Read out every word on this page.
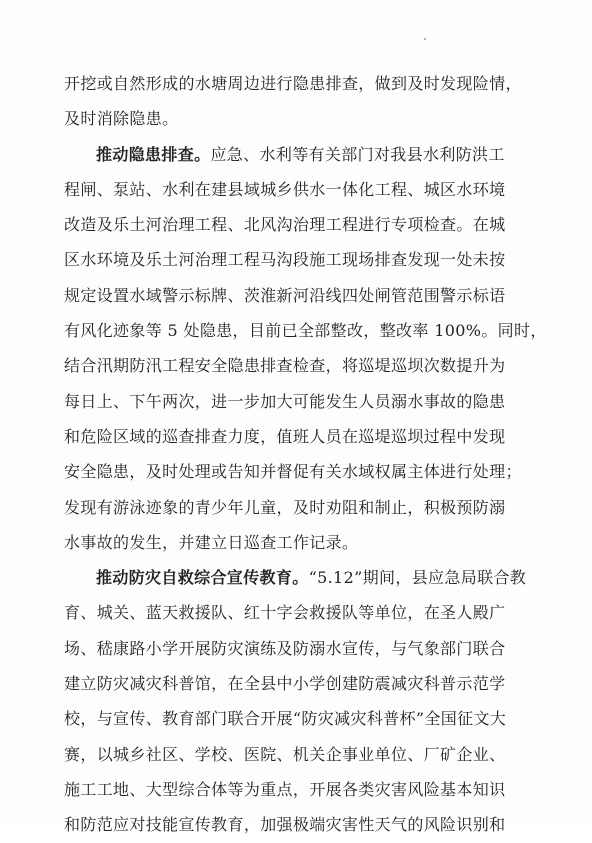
开挖或自然形成的水塘周边进行隐患排查，做到及时发现险情，
及时消除隐患。
推动隐患排查。应急、水利等有关部门对我县水利防洪工
程闸、泵站、水利在建县域城乡供水一体化工程、城区水环境
改造及乐土河治理工程、北风沟治理工程进行专项检查。在城
区水环境及乐土河治理工程马沟段施工现场排查发现一处未按
规定设置水域警示标牌、茨淮新河沿线四处闸管范围警示标语
有风化迹象等 5 处隐患，目前已全部整改，整改率 100%。同时，
结合汛期防汛工程安全隐患排查检查，将巡堤巡坝次数提升为
每日上、下午两次，进一步加大可能发生人员溺水事故的隐患
和危险区域的巡查排查力度，值班人员在巡堤巡坝过程中发现
安全隐患，及时处理或告知并督促有关水域权属主体进行处理；
发现有游泳迹象的青少年儿童，及时劝阻和制止，积极预防溺
水事故的发生，并建立日巡查工作记录。
推动防灾自救综合宣传教育。“5.12”期间，县应急局联合教
育、城关、蓝天救援队、红十字会救援队等单位，在圣人殿广
场、嵇康路小学开展防灾演练及防溺水宣传，与气象部门联合
建立防灾减灾科普馆，在全县中小学创建防震减灾科普示范学
校，与宣传、教育部门联合开展“防灾减灾科普杯”全国征文大
赛，以城乡社区、学校、医院、机关企事业单位、厂矿企业、
施工工地、大型综合体等为重点，开展各类灾害风险基本知识
和防范应对技能宣传教育，加强极端灾害性天气的风险识别和
